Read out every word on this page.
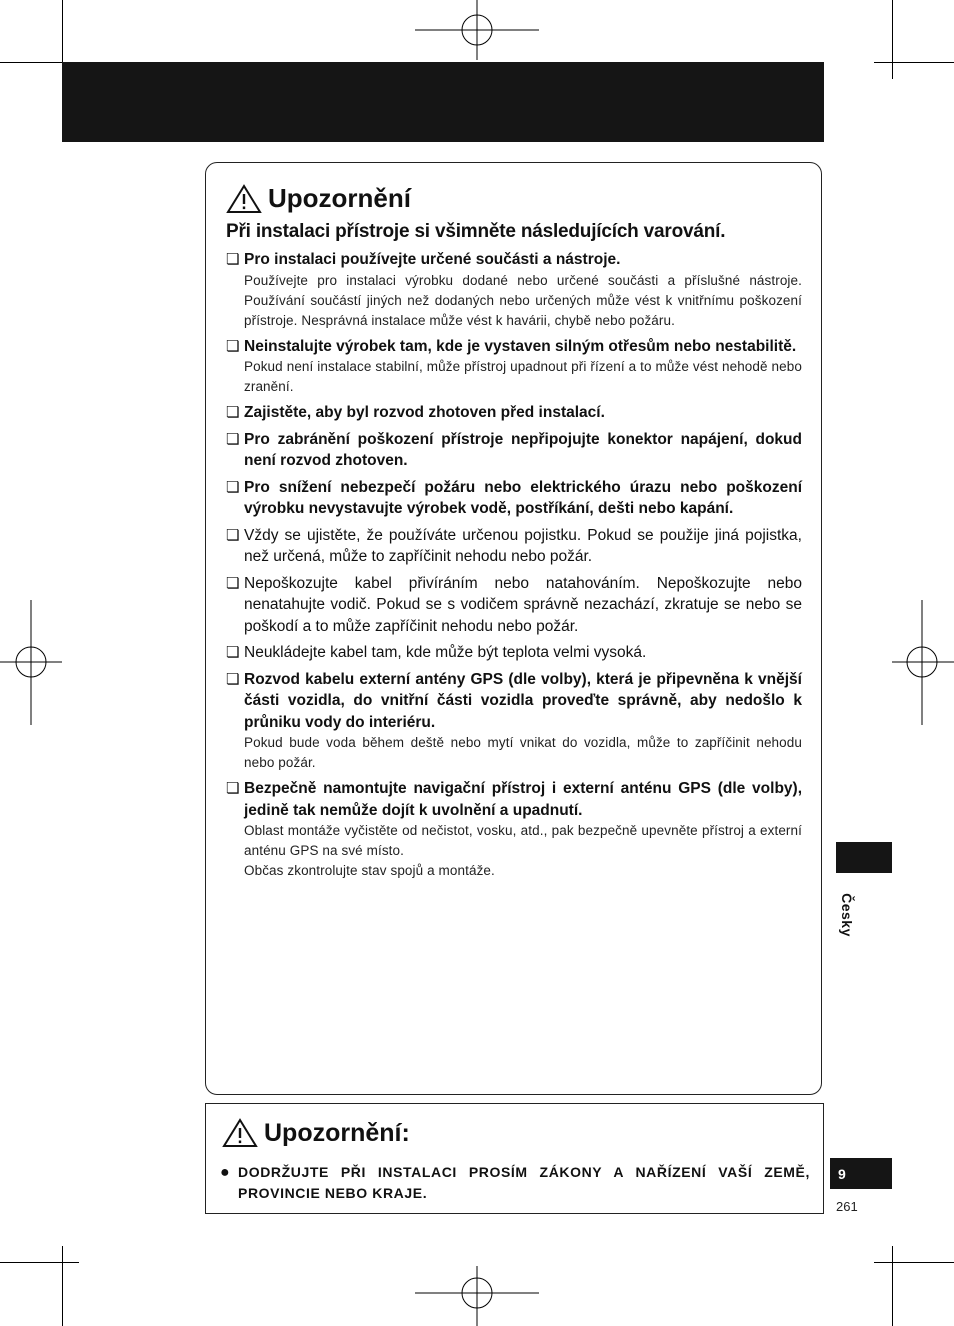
Upozornění
Při instalaci přístroje si všimněte následujících varování.
❏ Pro instalaci používejte určené součásti a nástroje.
Používejte pro instalaci výrobku dodané nebo určené součásti a příslušné nástroje. Používání součástí jiných než dodaných nebo určených může vést k vnitřnímu poškození přístroje. Nesprávná instalace může vést k havárii, chybě nebo požáru.
❏ Neinstalujte výrobek tam, kde je vystaven silným otřesům nebo nestabilitě.
Pokud není instalace stabilní, může přístroj upadnout při řízení a to může vést nehodě nebo zranění.
❏ Zajistěte, aby byl rozvod zhotoven před instalací.
❏ Pro zabránění poškození přístroje nepřipojujte konektor napájení, dokud není rozvod zhotoven.
❏ Pro snížení nebezpečí požáru nebo elektrického úrazu nebo poškození výrobku nevystavujte výrobek vodě, postříkání, dešti nebo kapání.
❏ Vždy se ujistěte, že používáte určenou pojistku. Pokud se použije jiná pojistka, než určená, může to zapříčinit nehodu nebo požár.
❏ Nepoškozujte kabel přivíráním nebo natahováním. Nepoškozujte nebo nenatahujte vodič. Pokud se s vodičem správně nezachází, zkratuje se nebo se poškodí a to může zapříčinit nehodu nebo požár.
❏ Neukládejte kabel tam, kde může být teplota velmi vysoká.
❏ Rozvod kabelu externí antény GPS (dle volby), která je připevněna k vnější části vozidla, do vnitřní části vozidla proveďte správně, aby nedošlo k průniku vody do interiéru.
Pokud bude voda během deště nebo mytí vnikat do vozidla, může to zapříčinit nehodu nebo požár.
❏ Bezpečně namontujte navigační přístroj i externí anténu GPS (dle volby), jedině tak nemůže dojít k uvolnění a upadnutí.
Oblast montáže vyčistěte od nečistot, vosku, atd., pak bezpečně upevněte přístroj a externí anténu GPS na své místo.
Občas zkontrolujte stav spojů a montáže.
Upozornění:
● DODRŽUJTE PŘI INSTALACI PROSÍM ZÁKONY A NAŘÍZENÍ VAŠÍ ZEMĚ, PROVINCIE NEBO KRAJE.
Česky
9
261
